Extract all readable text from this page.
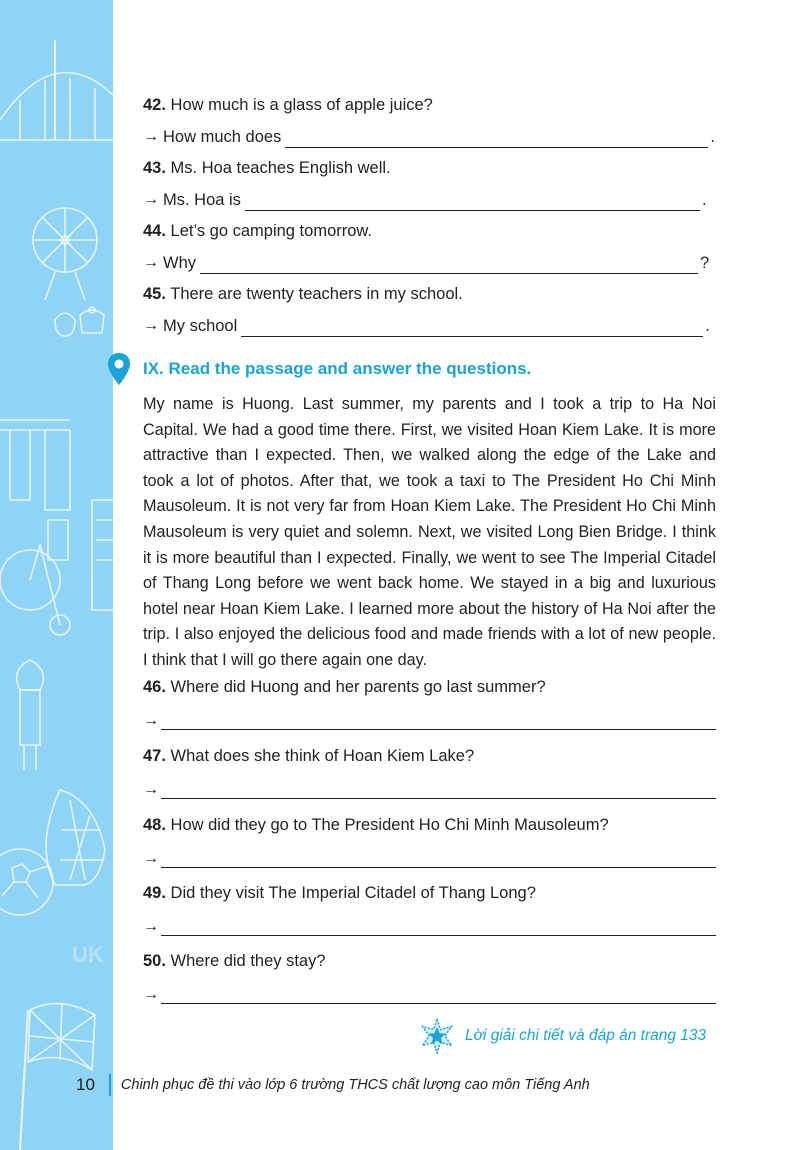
UK
42. How much is a glass of apple juice?
→ How much does	.
43. Ms. Hoa teaches English well.
→ Ms. Hoa is	.
44. Let’s go camping tomorrow.
→ Why	?
45. There are twenty teachers in my school.
→ My school	.
IX. Read the passage and answer the questions.
My name is Huong. Last summer, my parents and I took a trip to Ha Noi Capital. We had a good time there. First, we visited Hoan Kiem Lake. It is more attractive than I expected. Then, we walked along the edge of the Lake and took a lot of photos. After that, we took a taxi to The President Ho Chi Minh Mausoleum. It is not very far from Hoan Kiem Lake. The President Ho Chi Minh Mausoleum is very quiet and solemn. Next, we visited Long Bien Bridge. I think it is more beautiful than I expected. Finally, we went to see The Imperial Citadel of Thang Long before we went back home. We stayed in a big and luxurious hotel near Hoan Kiem Lake. I learned more about the history of Ha Noi after the trip. I also enjoyed the delicious food and made friends with a lot of new people. I think that I will go there again one day.
46. Where did Huong and her parents go last summer?
→
47. What does she think of Hoan Kiem Lake?
→
48. How did they go to The President Ho Chi Minh Mausoleum?
→
49. Did they visit The Imperial Citadel of Thang Long?
→
50. Where did they stay?
→
Lời giải chi tiết và đáp án trang 133
10 Chinh phục đề thi vào lớp 6 trường THCS chất lượng cao môn Tiếng Anh
